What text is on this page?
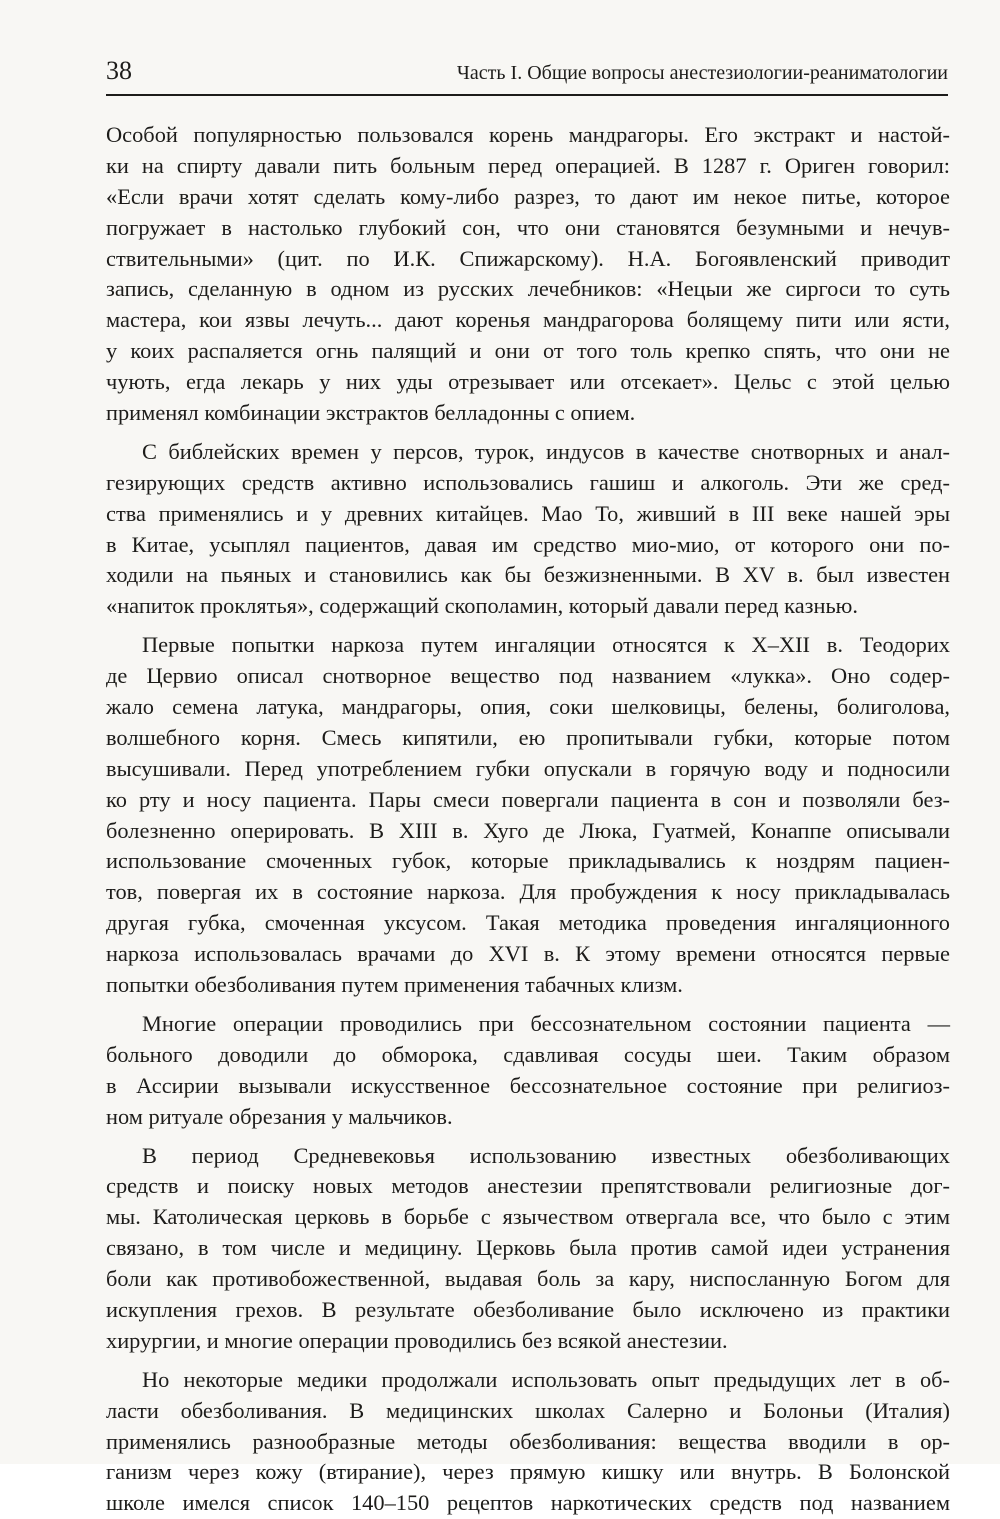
38	Часть I. Общие вопросы анестезиологии-реаниматологии
Особой популярностью пользовался корень мандрагоры. Его экстракт и настой-
ки на спирту давали пить больным перед операцией. В 1287 г. Ориген говорил:
«Если врачи хотят сделать кому-либо разрез, то дают им некое питье, которое
погружает в настолько глубокий сон, что они становятся безумными и нечув-
ствительными» (цит. по И.К. Спижарскому). Н.А. Богоявленский приводит
запись, сделанную в одном из русских лечебников: «Нецыи же сиргоси то суть
мастера, кои язвы лечуть... дают коренья мандрагорова болящему пити или ясти,
у коих распаляется огнь палящий и они от того толь крепко спять, что они не
чують, егда лекарь у них уды отрезывает или отсекает». Цельс с этой целью
применял комбинации экстрактов белладонны с опием.
С библейских времен у персов, турок, индусов в качестве снотворных и анал-
гезирующих средств активно использовались гашиш и алкоголь. Эти же сред-
ства применялись и у древних китайцев. Мао То, живший в III веке нашей эры
в Китае, усыплял пациентов, давая им средство мио-мио, от которого они по-
ходили на пьяных и становились как бы безжизненными. В XV в. был известен
«напиток проклятья», содержащий скополамин, который давали перед казнью.
Первые попытки наркоза путем ингаляции относятся к X–XII в. Теодорих
де Цервио описал снотворное вещество под названием «лукка». Оно содер-
жало семена латука, мандрагоры, опия, соки шелковицы, белены, болиголова,
волшебного корня. Смесь кипятили, ею пропитывали губки, которые потом
высушивали. Перед употреблением губки опускали в горячую воду и подносили
ко рту и носу пациента. Пары смеси повергали пациента в сон и позволяли без-
болезненно оперировать. В XIII в. Хуго де Люка, Гуатмей, Конаппе описывали
использование смоченных губок, которые прикладывались к ноздрям пациен-
тов, повергая их в состояние наркоза. Для пробуждения к носу прикладывалась
другая губка, смоченная уксусом. Такая методика проведения ингаляционного
наркоза использовалась врачами до XVI в. К этому времени относятся первые
попытки обезболивания путем применения табачных клизм.
Многие операции проводились при бессознательном состоянии пациента —
больного доводили до обморока, сдавливая сосуды шеи. Таким образом
в Ассирии вызывали искусственное бессознательное состояние при религиоз-
ном ритуале обрезания у мальчиков.
В период Средневековья использованию известных обезболивающих
средств и поиску новых методов анестезии препятствовали религиозные дог-
мы. Католическая церковь в борьбе с язычеством отвергала все, что было с этим
связано, в том числе и медицину. Церковь была против самой идеи устранения
боли как противобожественной, выдавая боль за кару, ниспосланную Богом для
искупления грехов. В результате обезболивание было исключено из практики
хирургии, и многие операции проводились без всякой анестезии.
Но некоторые медики продолжали использовать опыт предыдущих лет в об-
ласти обезболивания. В медицинских школах Салерно и Болоньи (Италия)
применялись разнообразные методы обезболивания: вещества вводили в ор-
ганизм через кожу (втирание), через прямую кишку или внутрь. В Болонской
школе имелся список 140–150 рецептов наркотических средств под названием
